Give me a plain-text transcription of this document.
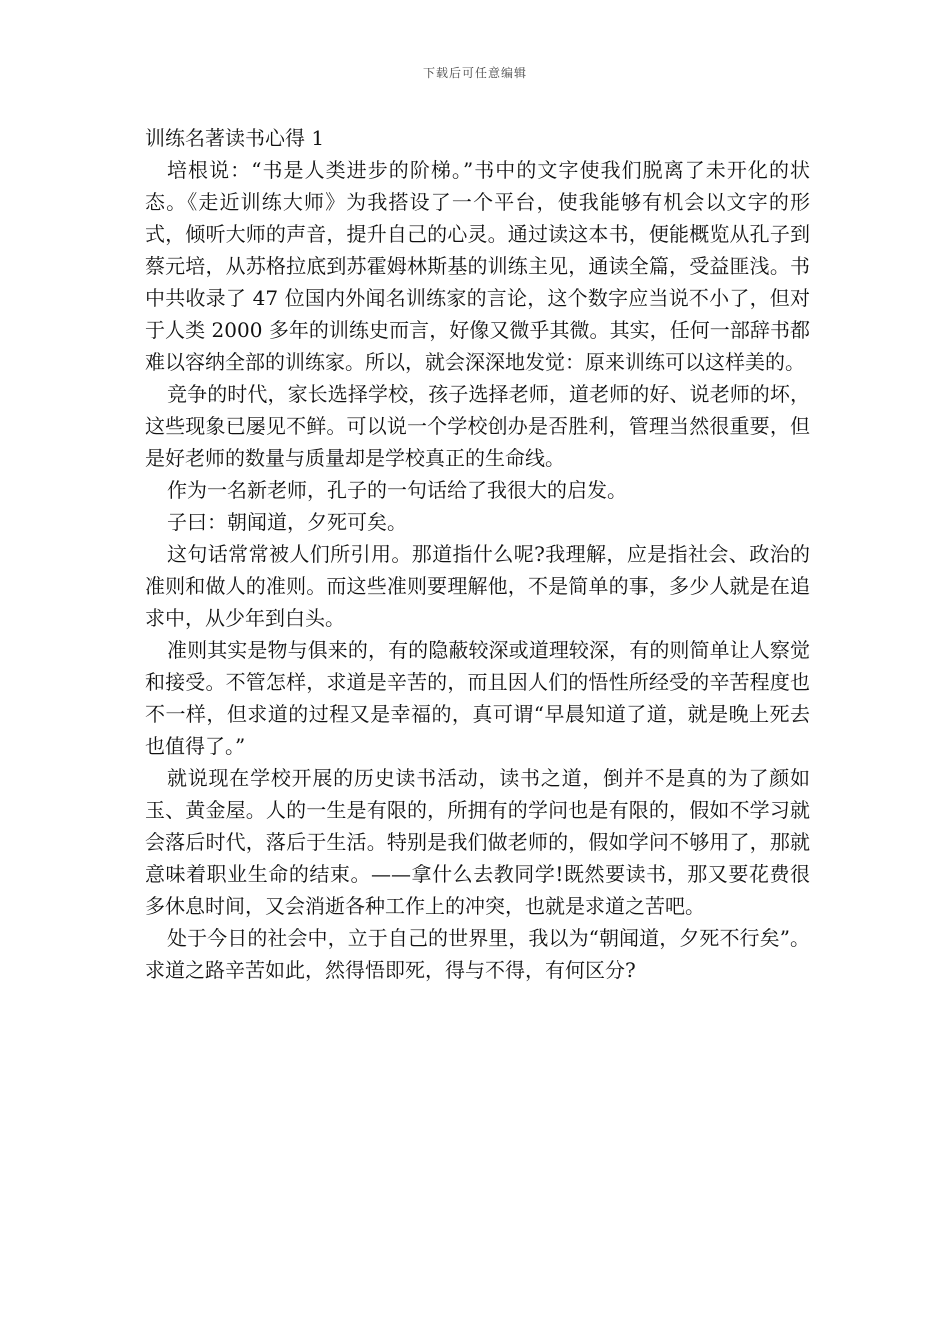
下载后可任意编辑
训练名著读书心得 1

培根说：“书是人类进步的阶梯。”书中的文字使我们脱离了未开化的状态。《走近训练大师》为我搭设了一个平台，使我能够有机会以文字的形式，倾听大师的声音，提升自己的心灵。通过读这本书，便能概览从孔子到蔡元培，从苏格拉底到苏霍姆林斯基的训练主见，通读全篇，受益匪浅。书中共收录了 47 位国内外闻名训练家的言论，这个数字应当说不小了，但对于人类 2000 多年的训练史而言，好像又微乎其微。其实，任何一部辞书都难以容纳全部的训练家。所以，就会深深地发觉：原来训练可以这样美的。

竞争的时代，家长选择学校，孩子选择老师，道老师的好、说老师的坏，这些现象已屡见不鲜。可以说一个学校创办是否胜利，管理当然很重要，但是好老师的数量与质量却是学校真正的生命线。

作为一名新老师，孔子的一句话给了我很大的启发。

子曰：朝闻道，夕死可矣。

这句话常常被人们所引用。那道指什么呢?我理解，应是指社会、政治的准则和做人的准则。而这些准则要理解他，不是简单的事，多少人就是在追求中，从少年到白头。

准则其实是物与俱来的，有的隐蔽较深或道理较深，有的则简单让人察觉和接受。不管怎样，求道是辛苦的，而且因人们的悟性所经受的辛苦程度也不一样，但求道的过程又是幸福的，真可谓“早晨知道了道，就是晚上死去也值得了。”

就说现在学校开展的历史读书活动，读书之道，倒并不是真的为了颜如玉、黄金屋。人的一生是有限的，所拥有的学问也是有限的，假如不学习就会落后时代，落后于生活。特别是我们做老师的，假如学问不够用了，那就意味着职业生命的结束。——拿什么去教同学!既然要读书，那又要花费很多休息时间，又会消逝各种工作上的冲突，也就是求道之苦吧。

处于今日的社会中，立于自己的世界里，我以为“朝闻道，夕死不行矣”。求道之路辛苦如此，然得悟即死，得与不得，有何区分?
